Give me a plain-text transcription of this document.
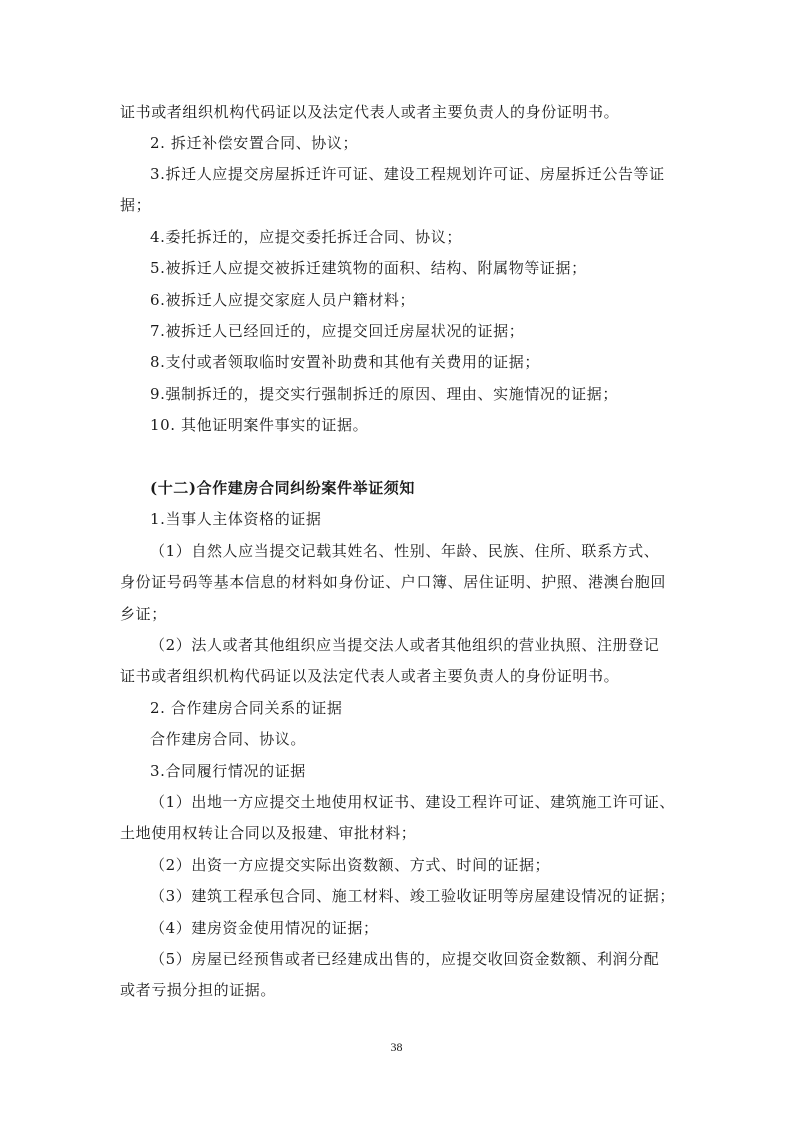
证书或者组织机构代码证以及法定代表人或者主要负责人的身份证明书。
2. 拆迁补偿安置合同、协议；
3.拆迁人应提交房屋拆迁许可证、建设工程规划许可证、房屋拆迁公告等证
据；
4.委托拆迁的，应提交委托拆迁合同、协议；
5.被拆迁人应提交被拆迁建筑物的面积、结构、附属物等证据；
6.被拆迁人应提交家庭人员户籍材料；
7.被拆迁人已经回迁的，应提交回迁房屋状况的证据；
8.支付或者领取临时安置补助费和其他有关费用的证据；
9.强制拆迁的，提交实行强制拆迁的原因、理由、实施情况的证据；
10. 其他证明案件事实的证据。
(十二)合作建房合同纠纷案件举证须知
1.当事人主体资格的证据
（1）自然人应当提交记载其姓名、性别、年龄、民族、住所、联系方式、
身份证号码等基本信息的材料如身份证、户口簿、居住证明、护照、港澳台胞回
乡证；
（2）法人或者其他组织应当提交法人或者其他组织的营业执照、注册登记
证书或者组织机构代码证以及法定代表人或者主要负责人的身份证明书。
2. 合作建房合同关系的证据
合作建房合同、协议。
3.合同履行情况的证据
（1）出地一方应提交土地使用权证书、建设工程许可证、建筑施工许可证、
土地使用权转让合同以及报建、审批材料；
（2）出资一方应提交实际出资数额、方式、时间的证据；
（3）建筑工程承包合同、施工材料、竣工验收证明等房屋建设情况的证据；
（4）建房资金使用情况的证据；
（5）房屋已经预售或者已经建成出售的，应提交收回资金数额、利润分配
或者亏损分担的证据。
38
